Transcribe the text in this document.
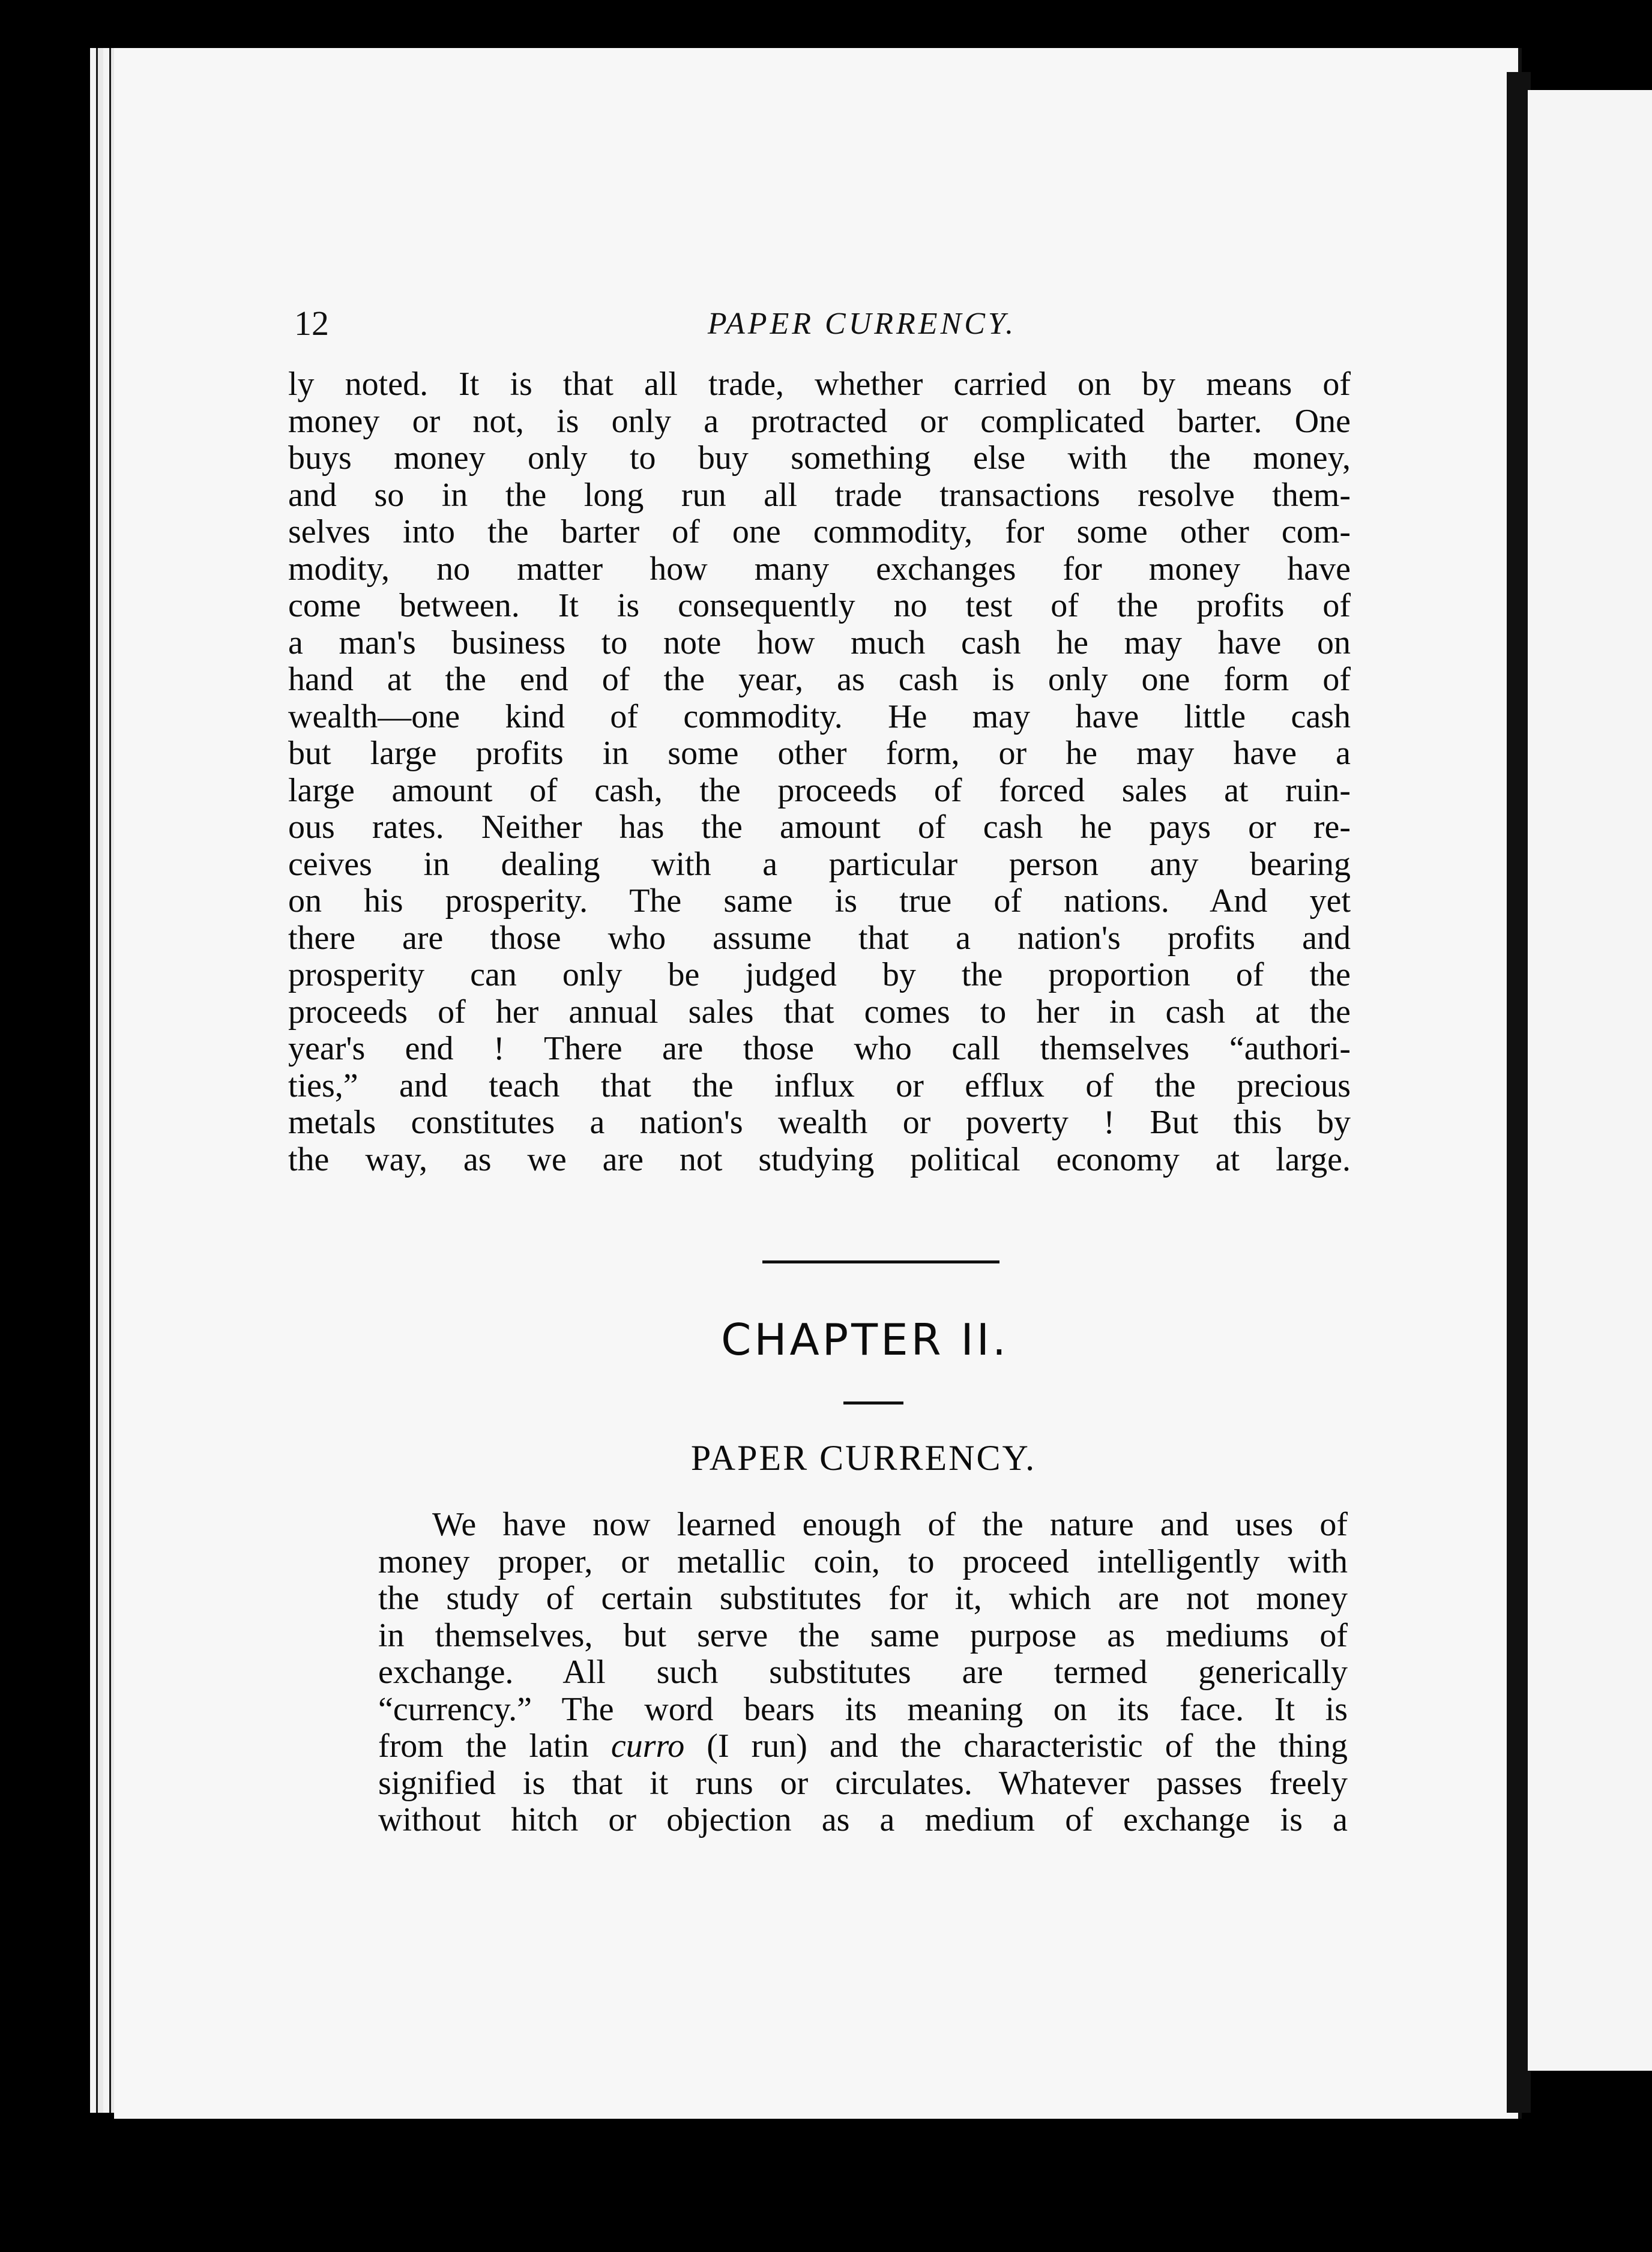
12	PAPER CURRENCY.
ly noted. It is that all trade, whether carried on by means of
money or not, is only a protracted or complicated barter. One
buys money only to buy something else with the money,
and so in the long run all trade transactions resolve them-
selves into the barter of one commodity, for some other com-
modity, no matter how many exchanges for money have
come between. It is consequently no test of the profits of
a man's business to note how much cash he may have on
hand at the end of the year, as cash is only one form of
wealth—one kind of commodity. He may have little cash
but large profits in some other form, or he may have a
large amount of cash, the proceeds of forced sales at ruin-
ous rates. Neither has the amount of cash he pays or re-
ceives in dealing with a particular person any bearing
on his prosperity. The same is true of nations. And yet
there are those who assume that a nation's profits and
prosperity can only be judged by the proportion of the
proceeds of her annual sales that comes to her in cash at the
year's end ! There are those who call themselves “authori-
ties,” and teach that the influx or efflux of the precious
metals constitutes a nation's wealth or poverty ! But this by
the way, as we are not studying political economy at large.
CHAPTER II.
PAPER CURRENCY.
We have now learned enough of the nature and uses of
money proper, or metallic coin, to proceed intelligently with
the study of certain substitutes for it, which are not money
in themselves, but serve the same purpose as mediums of
exchange. All such substitutes are termed generically
“currency.” The word bears its meaning on its face. It is
from the latin curro (I run) and the characteristic of the thing
signified is that it runs or circulates. Whatever passes freely
without hitch or objection as a medium of exchange is a
